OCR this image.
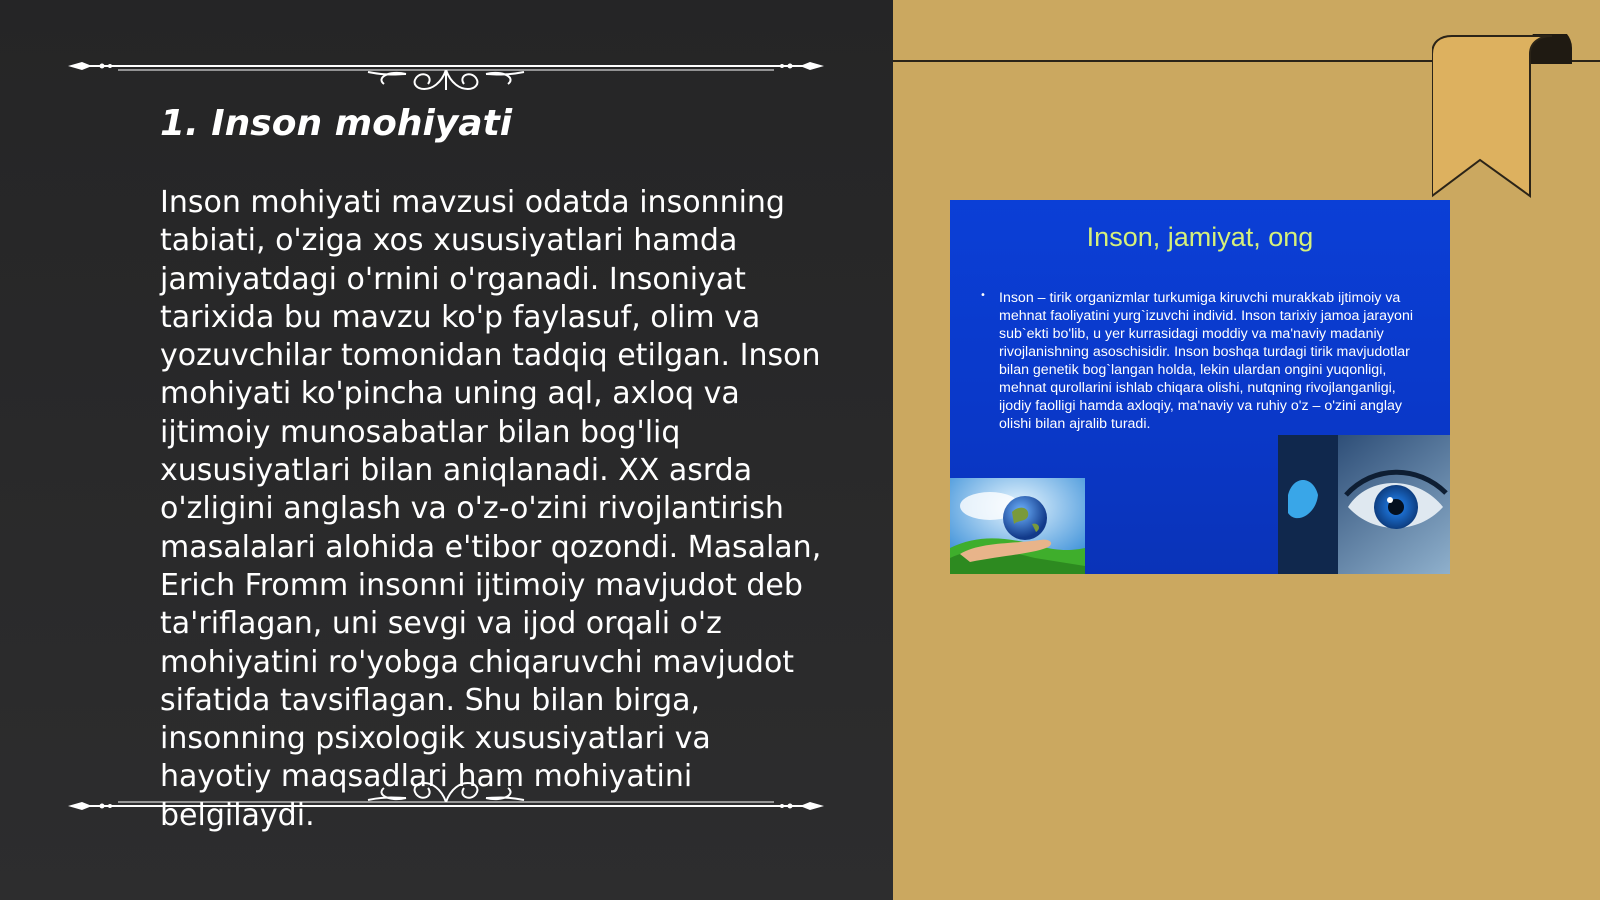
1. Inson mohiyati

Inson mohiyati mavzusi odatda insonning tabiati, o'ziga xos xususiyatlari hamda jamiyatdagi o'rnini o'rganadi. Insoniyat tarixida bu mavzu ko'p faylasuf, olim va yozuvchilar tomonidan tadqiq etilgan. Inson mohiyati ko'pincha uning aql, axloq va ijtimoiy munosabatlar bilan bog'liq xususiyatlari bilan aniqlanadi. XX asrda o'zligini anglash va o'z-o'zini rivojlantirish masalalari alohida e'tibor qozondi. Masalan, Erich Fromm insonni ijtimoiy mavjudot deb ta'riflagan, uni sevgi va ijod orqali o'z mohiyatini ro'yobga chiqaruvchi mavjudot sifatida tavsiflagan. Shu bilan birga, insonning psixologik xususiyatlari va hayotiy maqsadlari ham mohiyatini belgilaydi.

Inson, jamiyat, ong
• Inson – tirik organizmlar turkumiga kiruvchi murakkab ijtimoiy va mehnat faoliyatini yurg`izuvchi individ. Inson tarixiy jamoa jarayoni sub`ekti bo'lib, u yer kurrasidagi moddiy va ma'naviy madaniy rivojlanishning asoschisidir. Inson boshqa turdagi tirik mavjudotlar bilan genetik bog`langan holda, lekin ulardan ongini yuqonligi, mehnat qurollarini ishlab chiqara olishi, nutqning rivojlanganligi, ijodiy faolligi hamda axloqiy, ma'naviy va ruhiy o'z – o'zini anglay olishi bilan ajralib turadi.
